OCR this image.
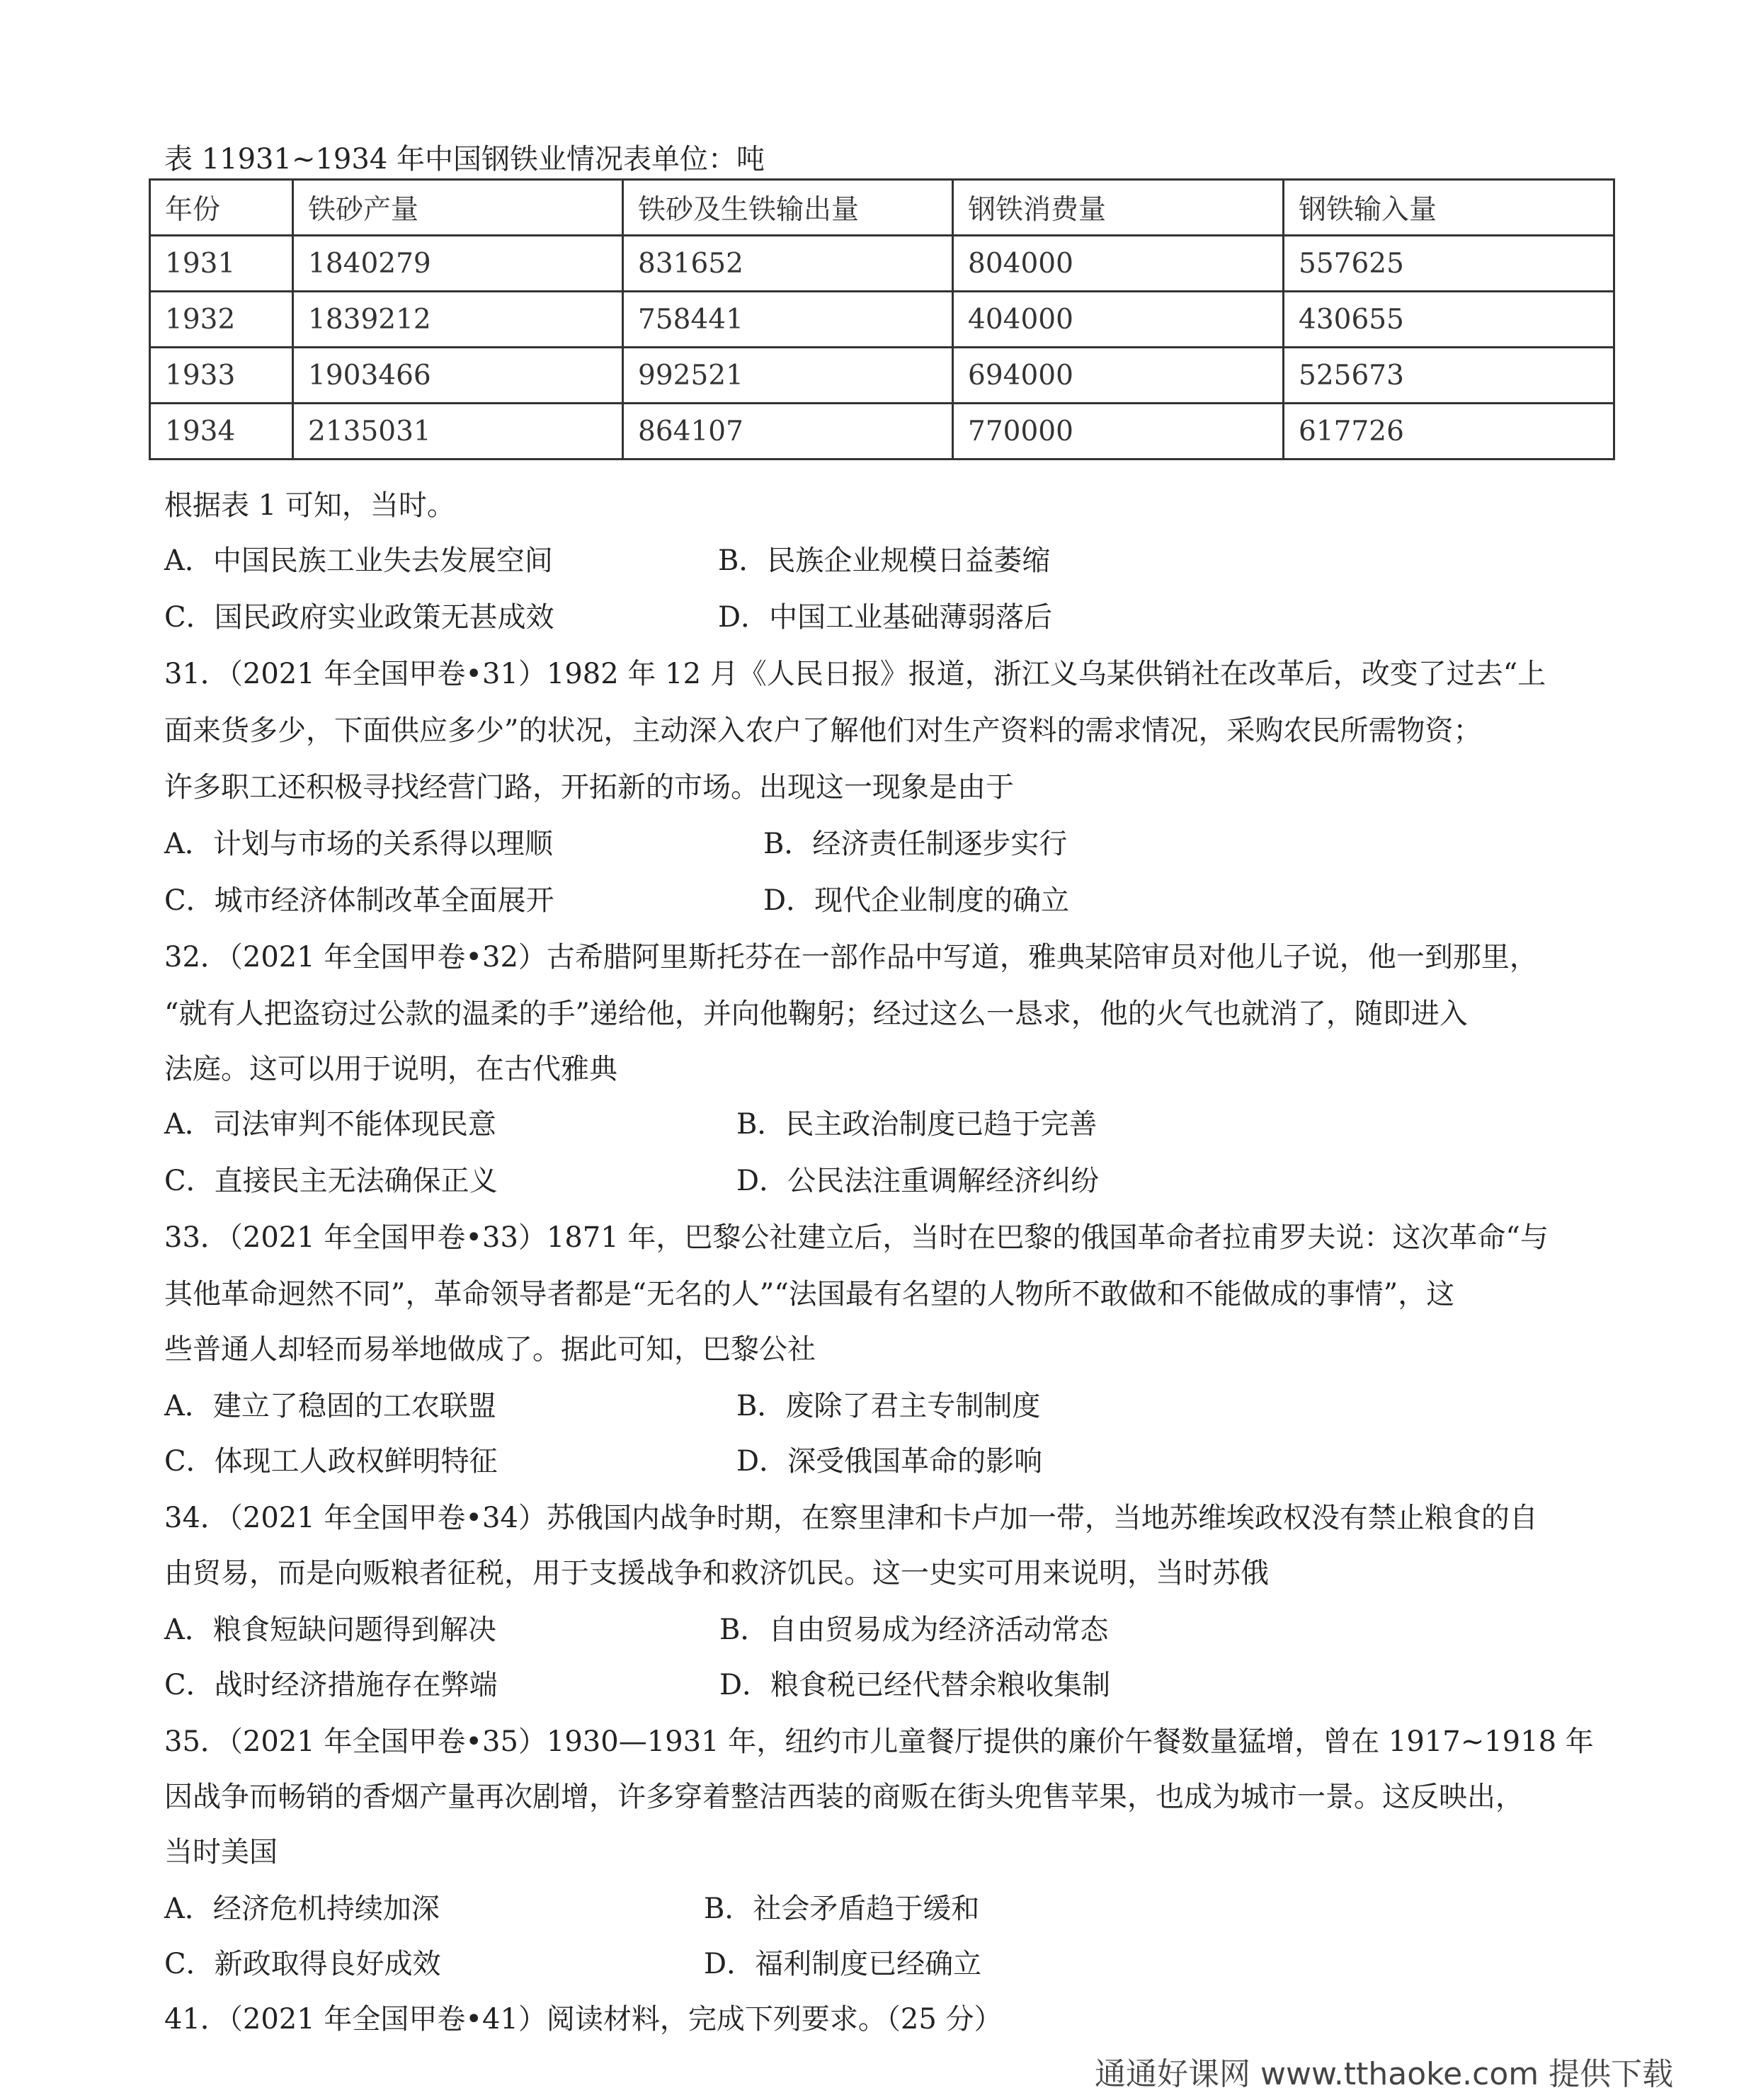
表 11931~1934 年中国钢铁业情况表单位：吨
年份	铁砂产量	铁砂及生铁输出量	钢铁消费量	钢铁输入量
1931	1840279	831652	804000	557625
1932	1839212	758441	404000	430655
1933	1903466	992521	694000	525673
1934	2135031	864107	770000	617726
根据表 1 可知，当时。
A．中国民族工业失去发展空间	B．民族企业规模日益萎缩
C．国民政府实业政策无甚成效	D．中国工业基础薄弱落后
31．（2021 年全国甲卷•31）1982 年 12 月《人民日报》报道，浙江义乌某供销社在改革后，改变了过去“上
面来货多少，下面供应多少”的状况，主动深入农户了解他们对生产资料的需求情况，采购农民所需物资；
许多职工还积极寻找经营门路，开拓新的市场。出现这一现象是由于
A．计划与市场的关系得以理顺	B．经济责任制逐步实行
C．城市经济体制改革全面展开	D．现代企业制度的确立
32．（2021 年全国甲卷•32）古希腊阿里斯托芬在一部作品中写道，雅典某陪审员对他儿子说，他一到那里，
“就有人把盗窃过公款的温柔的手”递给他，并向他鞠躬；经过这么一恳求，他的火气也就消了，随即进入
法庭。这可以用于说明，在古代雅典
A．司法审判不能体现民意	B．民主政治制度已趋于完善
C．直接民主无法确保正义	D．公民法注重调解经济纠纷
33．（2021 年全国甲卷•33）1871 年，巴黎公社建立后，当时在巴黎的俄国革命者拉甫罗夫说：这次革命“与
其他革命迥然不同”，革命领导者都是“无名的人”“法国最有名望的人物所不敢做和不能做成的事情”，这
些普通人却轻而易举地做成了。据此可知，巴黎公社
A．建立了稳固的工农联盟	B．废除了君主专制制度
C．体现工人政权鲜明特征	D．深受俄国革命的影响
34．（2021 年全国甲卷•34）苏俄国内战争时期，在察里津和卡卢加一带，当地苏维埃政权没有禁止粮食的自
由贸易，而是向贩粮者征税，用于支援战争和救济饥民。这一史实可用来说明，当时苏俄
A．粮食短缺问题得到解决	B．自由贸易成为经济活动常态
C．战时经济措施存在弊端	D．粮食税已经代替余粮收集制
35．（2021 年全国甲卷•35）1930—1931 年，纽约市儿童餐厅提供的廉价午餐数量猛增，曾在 1917~1918 年
因战争而畅销的香烟产量再次剧增，许多穿着整洁西装的商贩在街头兜售苹果，也成为城市一景。这反映出，
当时美国
A．经济危机持续加深	B．社会矛盾趋于缓和
C．新政取得良好成效	D．福利制度已经确立
41．（2021 年全国甲卷•41）阅读材料，完成下列要求。（25 分）
通通好课网 www.tthaoke.com 提供下载
